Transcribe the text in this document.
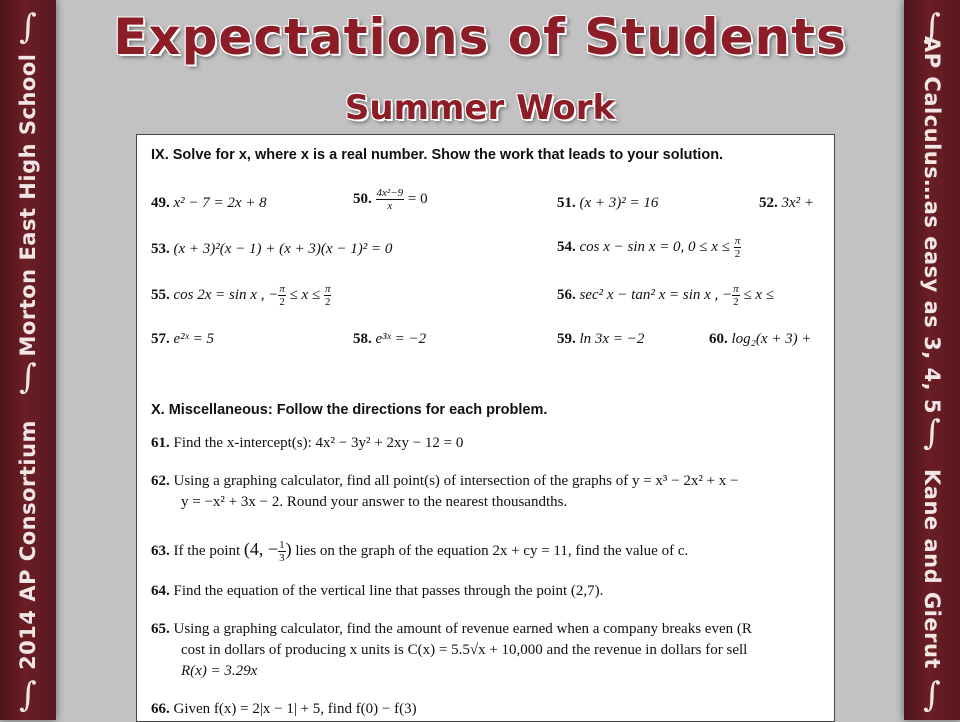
∫
Morton East High School
∫
2014 AP Consortium
∫
∫
AP Calculus…as easy as 3, 4, 5
∫
Kane and Gierut
∫
Expectations of Students
Summer Work
IX. Solve for x, where x is a real number. Show the work that leads to your solution.
49. x² − 7 = 2x + 8	50. $\frac{\text{4x²−9}}{x} = 0$	51. (x + 3)² = 16	52. 3x² +
53. (x + 3)²(x − 1) + (x + 3)(x − 1)² = 0	54. cos x − sin x = 0, $0 \le x \le \frac{\pi}{2}$
55. cos 2x = sin x , − $\frac{\pi}{2} \le x \le \frac{\pi}{2}$	56. sec² x − tan² x = sin x , − $\frac{\pi}{2} \le x$ ≤
57. e²ˣ = 5	58. e³ˣ = −2	59. ln 3x = −2	60. log₂(x + 3) +
X. Miscellaneous: Follow the directions for each problem.
61. Find the x-intercept(s): 4x² − 3y² + 2xy − 12 = 0
62. Using a graphing calculator, find all point(s) of intersection of the graphs of y = x³ − 2x² + x −
y = −x² + 3x − 2. Round your answer to the nearest thousandths.
63. If the point (4, − $\frac{1}{3}$ ) lies on the graph of the equation 2x + cy = 11, find the value of c.
64. Find the equation of the vertical line that passes through the point (2,7).
65. Using a graphing calculator, find the amount of revenue earned when a company breaks even (R
cost in dollars of producing x units is C(x) = 5.5√x + 10,000 and the revenue in dollars for sell
R(x) = 3.29x
66. Given f(x) = 2|x − 1| + 5, find f(0) − f(3)
